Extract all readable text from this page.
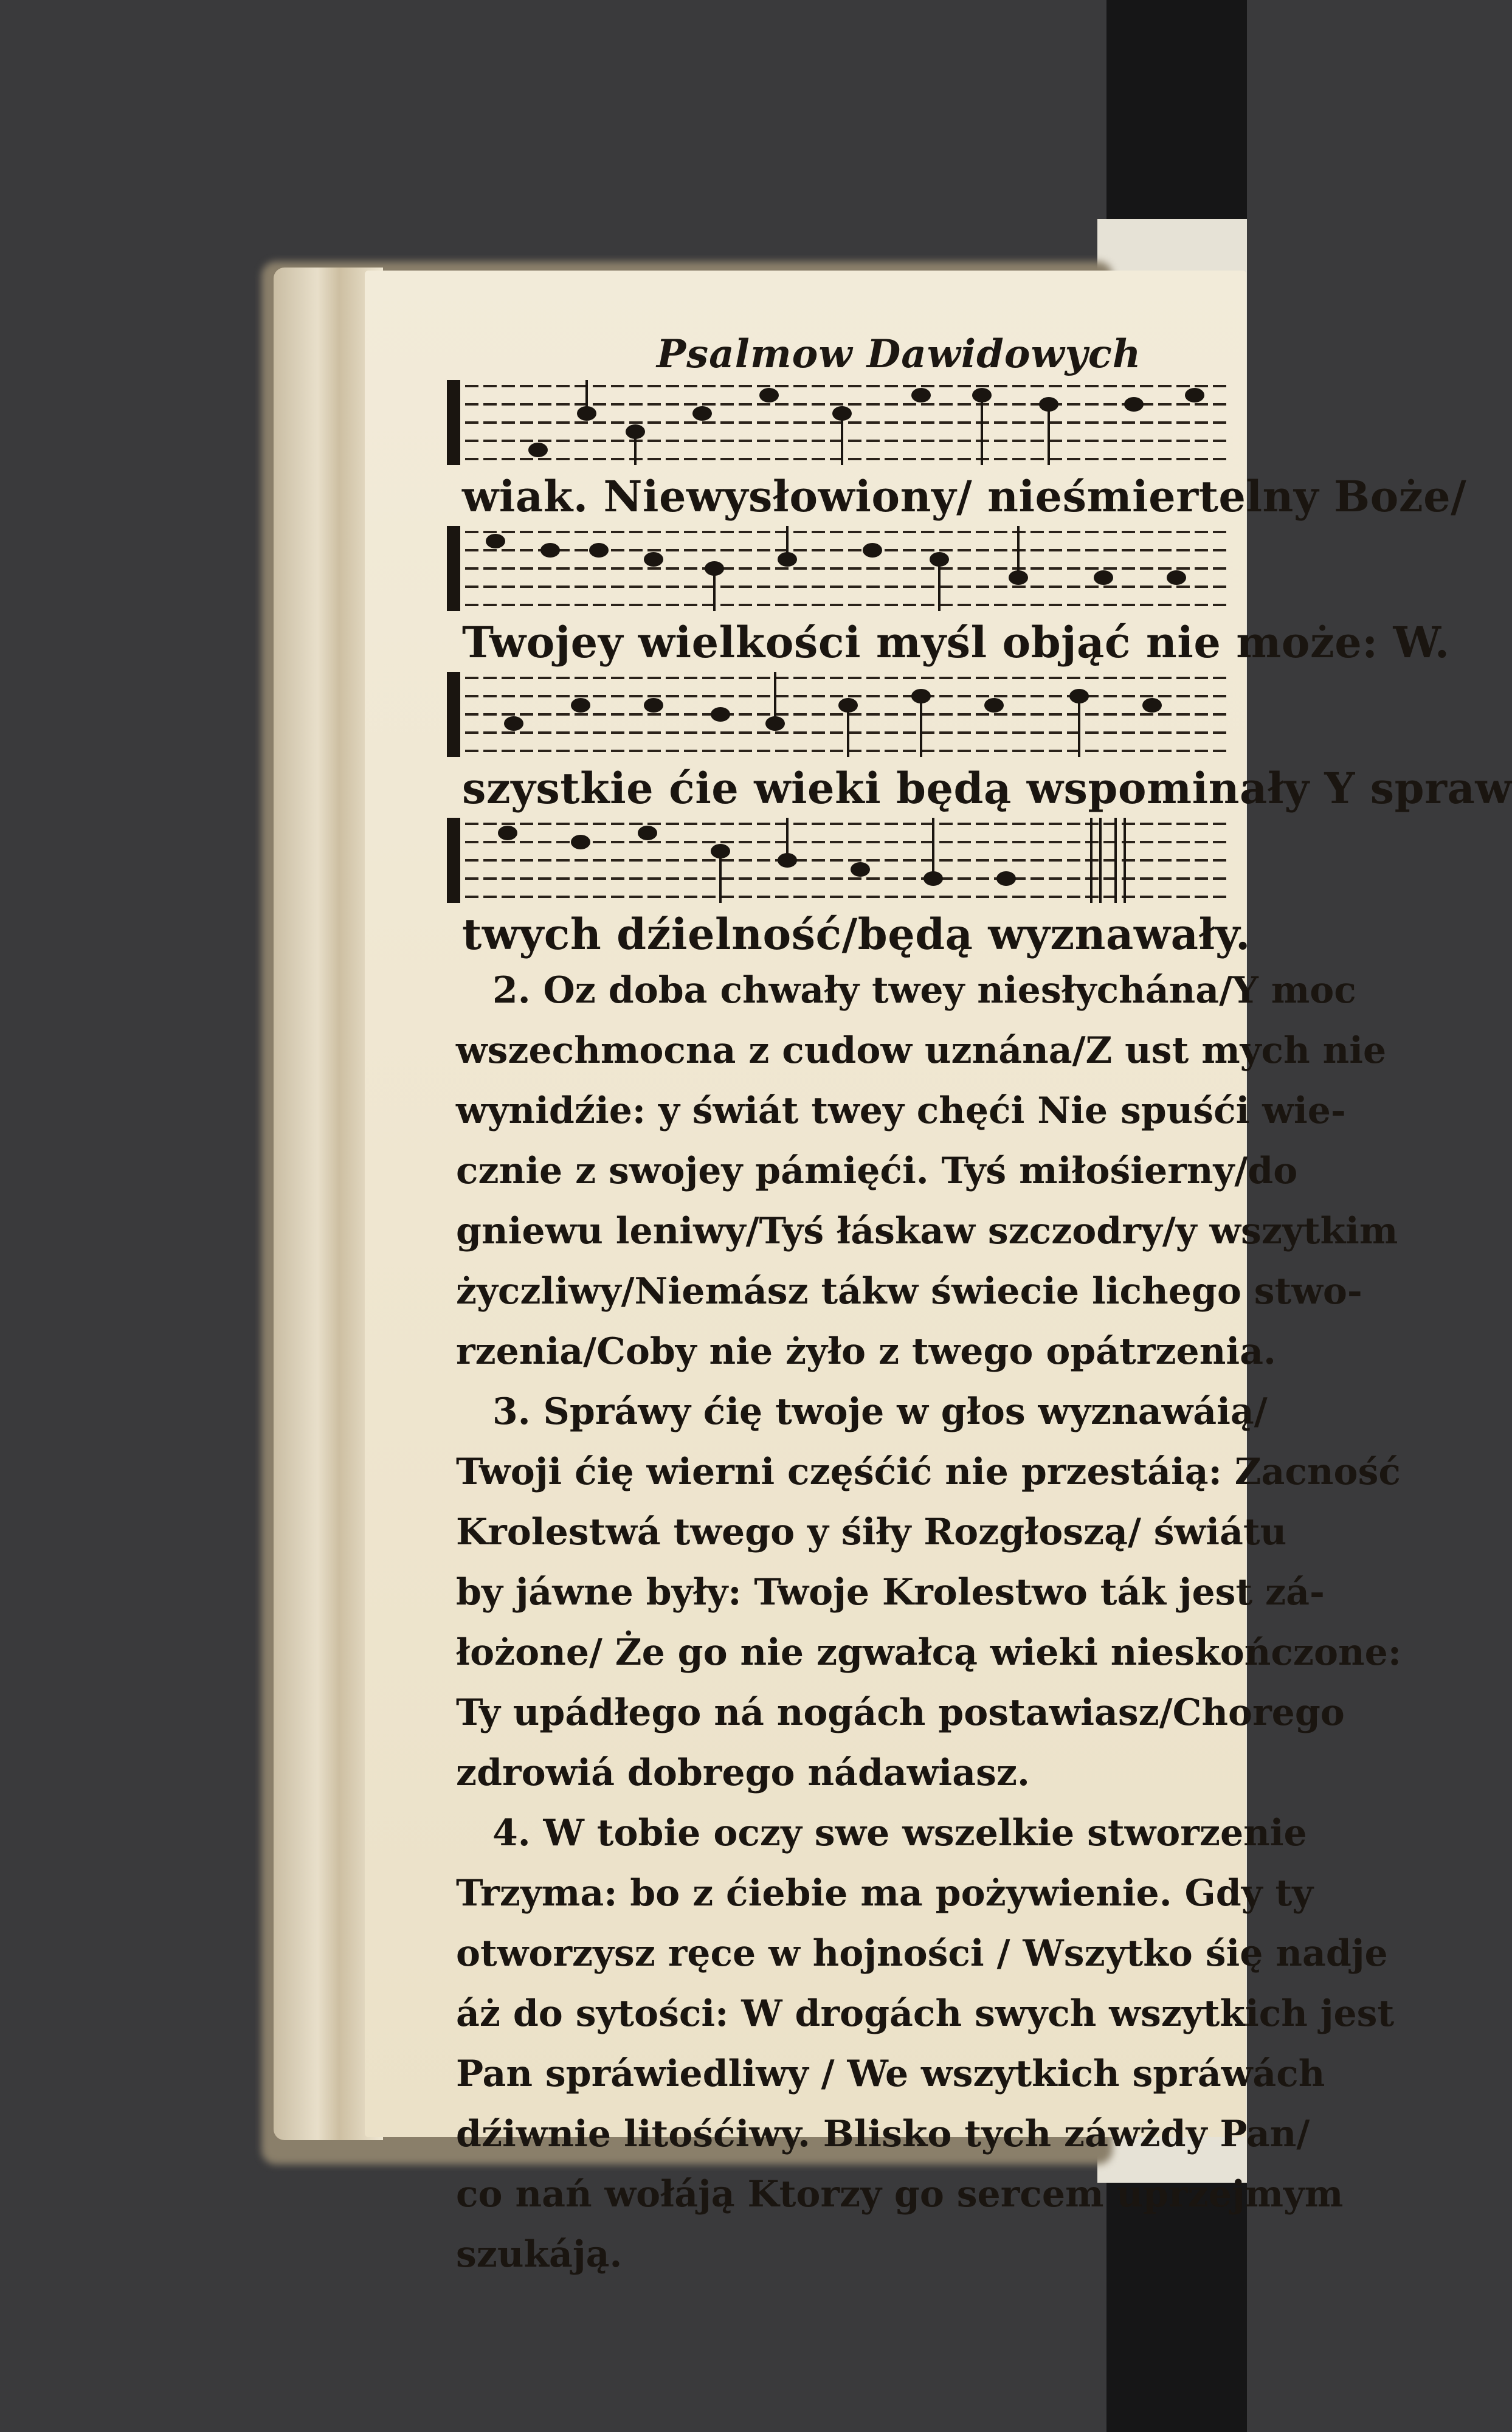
Psalmow Dawidowych
wiak. Niewysłowiony/ nieśmiertelny Boże/
Twojey wielkości myśl objąć nie może: W.
szystkie ćie wieki będą wspominały Y spraw
twych dźielność/będą wyznawały.
2. Oz doba chwały twey niesłychána/Y moc
wszechmocna z cudow uznána/Z ust mych nie
wynidźie: y świát twey chęći Nie spuśći wie-
cznie z swojey pámięći. Tyś miłośierny/do
gniewu leniwy/Tyś łáskaw szczodry/y wszytkim
życzliwy/Niemász tákw świeciе lichego stwo-
rzenia/Coby nie żyło z twego opátrzenia.
3. Spráwy ćię twoje w głos wyznawáią/
Twoji ćię wierni częśćić nie przestáią: Zacność
Krolestwá twego y śiły Rozgłoszą/ świátu
by jáwne były: Twoje Krolestwo ták jest zá-
łożone/ Że go nie zgwałcą wieki nieskończone:
Ty upádłego ná nogách postawiasz/Chorego
zdrowiá dobrego nádawiasz.
4. W tobie oczy swe wszelkie stworzenie
Trzyma: bo z ćiebie ma pożywienie. Gdy ty
otworzysz ręce w hojności / Wszytko śię nadje
áż do sytości: W drogách swych wszytkich jest
Pan spráwiedliwy / We wszytkich spráwách
dźiwnie litośćiwy. Blisko tych záwżdy Pan/
co nań wołáją Ktorzy go sercem uprzejmym
szukáją.
